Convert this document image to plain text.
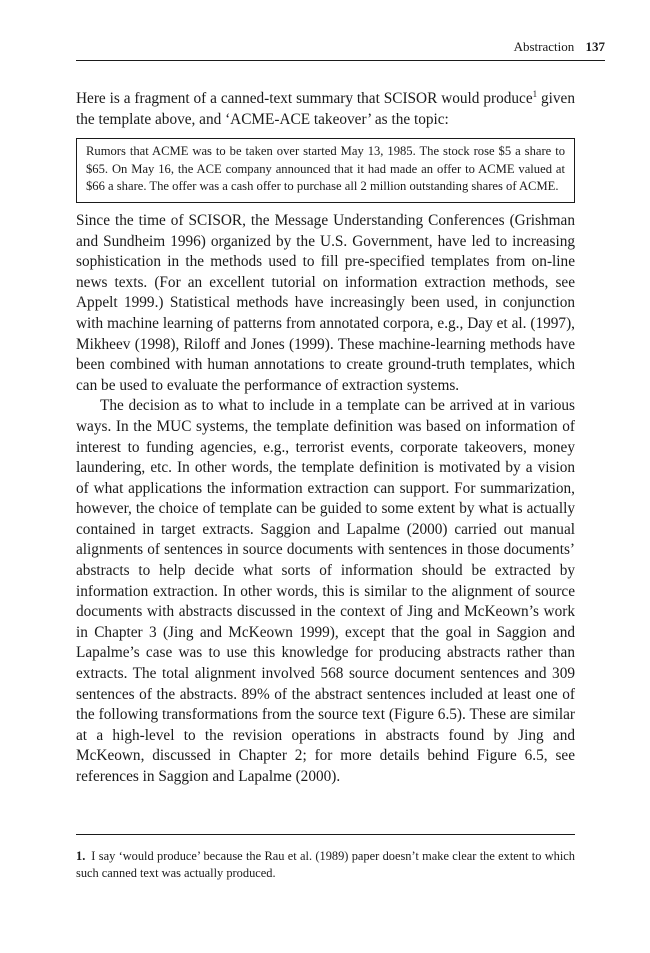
Abstraction 137

Here is a fragment of a canned-text summary that SCISOR would produce$^1$ given the template above, and ‘ACME-ACE takeover’ as the topic:

Rumors that ACME was to be taken over started May 13, 1985. The stock rose $5 a share to $65. On May 16, the ACE company announced that it had made an offer to ACME valued at $66 a share. The offer was a cash offer to purchase all 2 million outstanding shares of ACME.

Since the time of SCISOR, the Message Understanding Conferences (Grishman and Sundheim 1996) organized by the U.S. Government, have led to increasing sophistication in the methods used to fill pre-specified templates from on-line news texts. (For an excellent tutorial on information extraction methods, see Appelt 1999.) Statistical methods have increasingly been used, in conjunction with machine learning of patterns from annotated corpora, e.g., Day et al. (1997), Mikheev (1998), Riloff and Jones (1999). These machine-learning methods have been combined with human annotations to create ground-truth templates, which can be used to evaluate the performance of extraction systems.

The decision as to what to include in a template can be arrived at in various ways. In the MUC systems, the template definition was based on information of interest to funding agencies, e.g., terrorist events, corporate takeovers, money laundering, etc. In other words, the template definition is motivated by a vision of what applications the information extraction can support. For summarization, however, the choice of template can be guided to some extent by what is actually contained in target extracts. Saggion and Lapalme (2000) carried out manual alignments of sentences in source documents with sentences in those documents’ abstracts to help decide what sorts of information should be extracted by information extraction. In other words, this is similar to the alignment of source documents with abstracts discussed in the context of Jing and McKeown’s work in Chapter 3 (Jing and McKeown 1999), except that the goal in Saggion and Lapalme’s case was to use this knowledge for producing abstracts rather than extracts. The total alignment involved 568 source document sentences and 309 sentences of the abstracts. 89% of the abstract sentences included at least one of the following transformations from the source text (Figure 6.5). These are similar at a high-level to the revision operations in abstracts found by Jing and McKeown, discussed in Chapter 2; for more details behind Figure 6.5, see references in Saggion and Lapalme (2000).

1. I say ‘would produce’ because the Rau et al. (1989) paper doesn’t make clear the extent to which such canned text was actually produced.
